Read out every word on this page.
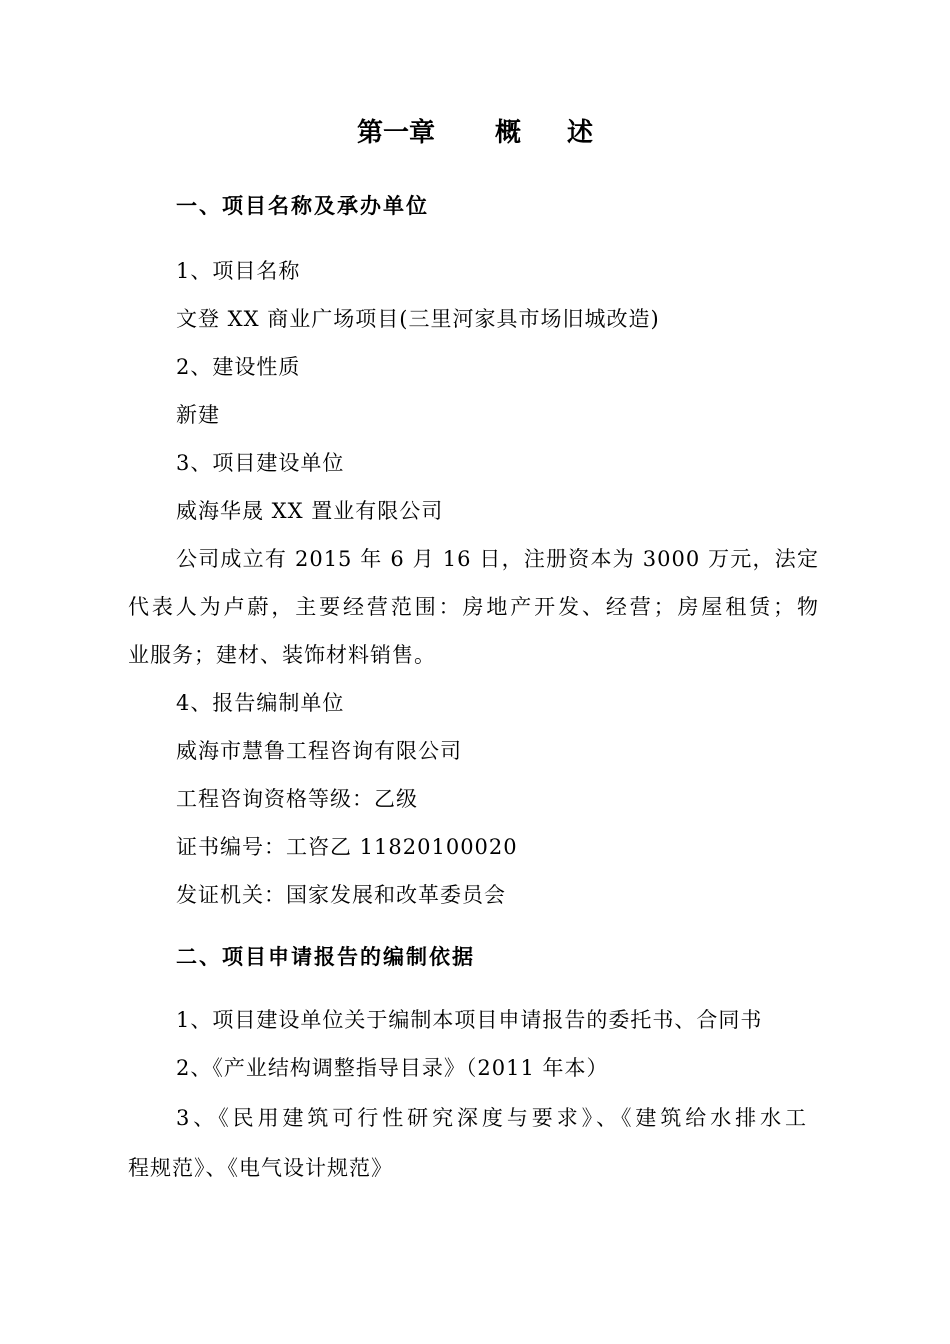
第一章 概 述
一、项目名称及承办单位
1、项目名称
文登 XX 商业广场项目(三里河家具市场旧城改造)
2、建设性质
新建
3、项目建设单位
威海华晟 XX 置业有限公司
公司成立有 2015 年 6 月 16 日，注册资本为 3000 万元，法定
代表人为卢蔚，主要经营范围：房地产开发、经营；房屋租赁；物
业服务；建材、装饰材料销售。
4、报告编制单位
威海市慧鲁工程咨询有限公司
工程咨询资格等级：乙级
证书编号：工咨乙 11820100020
发证机关：国家发展和改革委员会
二、项目申请报告的编制依据
1、项目建设单位关于编制本项目申请报告的委托书、合同书
2、《产业结构调整指导目录》（2011 年本）
3、《民用建筑可行性研究深度与要求》、《建筑给水排水工
程规范》、《电气设计规范》
